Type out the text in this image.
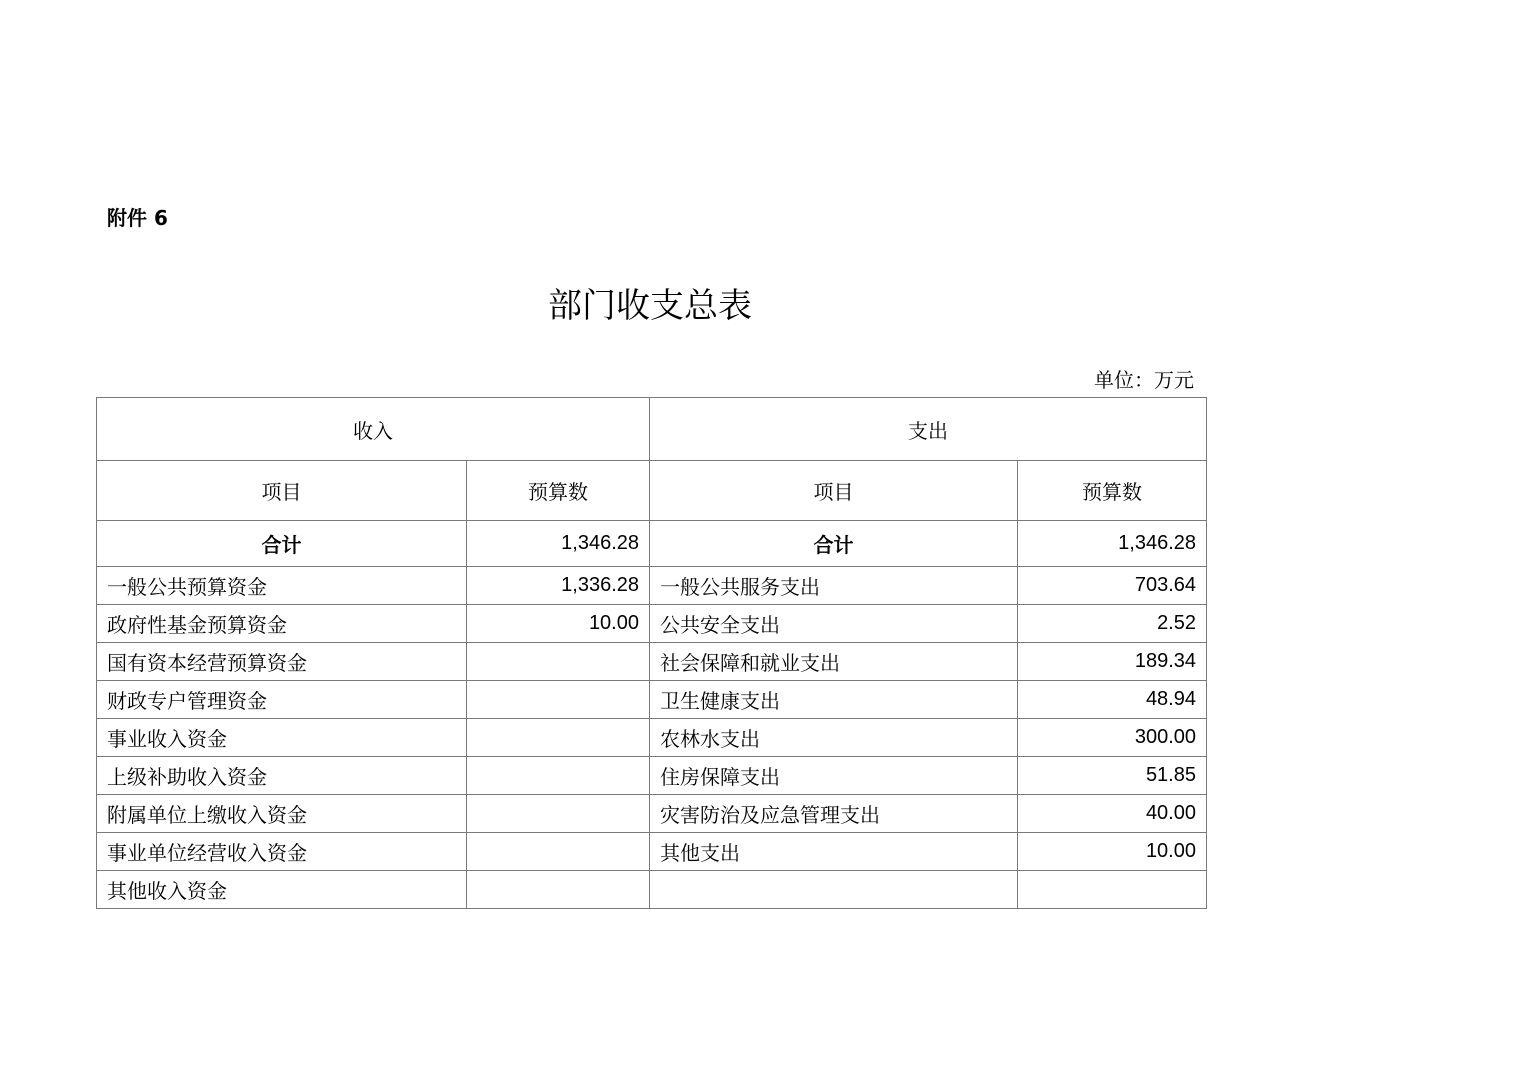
附件 6
部门收支总表
单位：万元
收入		支出	
项目	预算数	项目	预算数
合计	1,346.28	合计	1,346.28
一般公共预算资金	1,336.28	一般公共服务支出	703.64
政府性基金预算资金	10.00	公共安全支出	2.52
国有资本经营预算资金		社会保障和就业支出	189.34
财政专户管理资金		卫生健康支出	48.94
事业收入资金		农林水支出	300.00
上级补助收入资金		住房保障支出	51.85
附属单位上缴收入资金		灾害防治及应急管理支出	40.00
事业单位经营收入资金		其他支出	10.00
其他收入资金			
